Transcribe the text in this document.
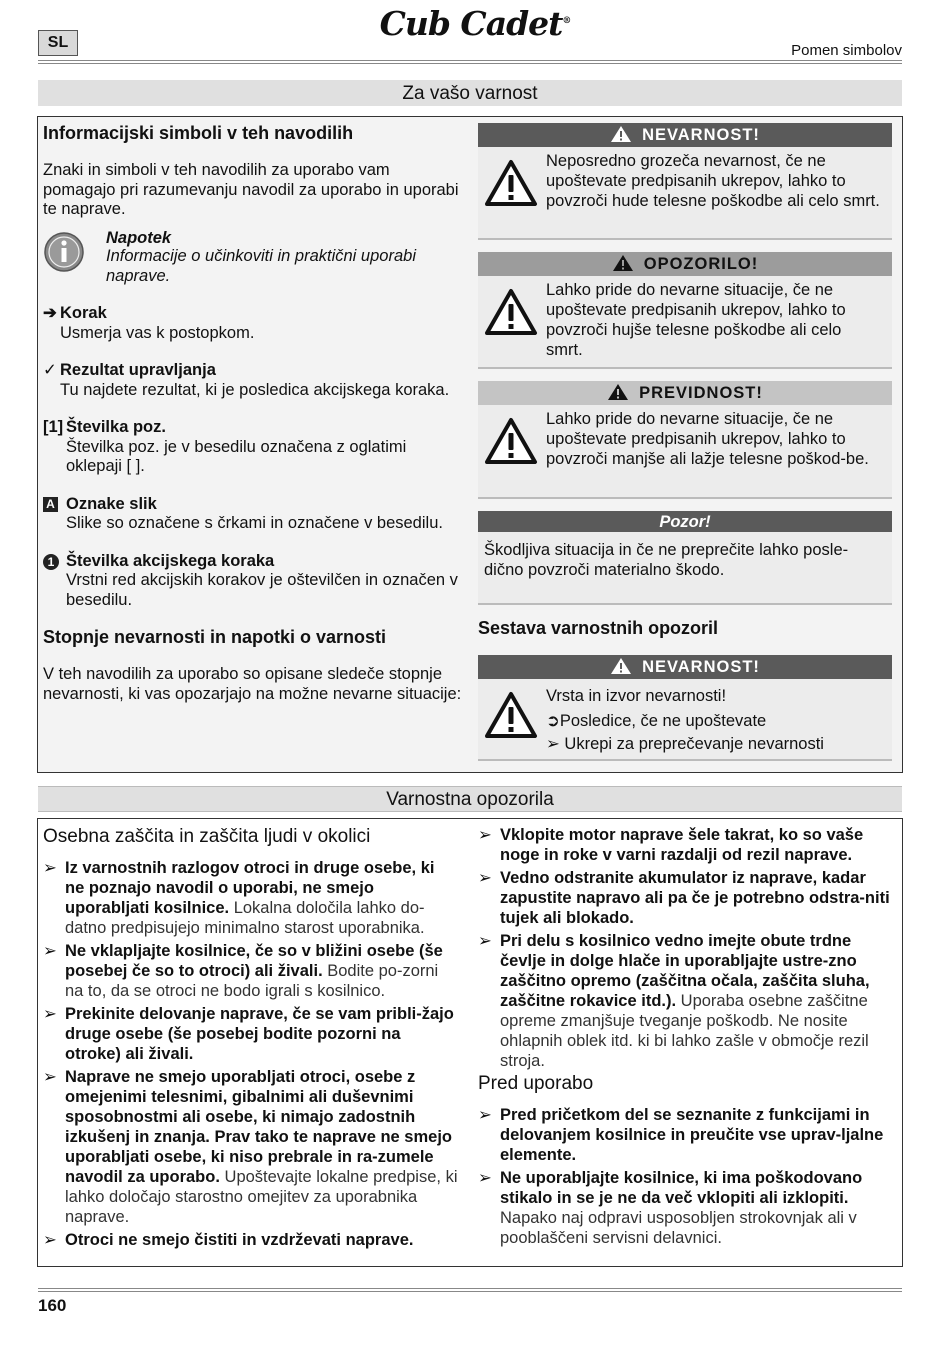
SL	Cub Cadet®
Pomen simbolov
Za vašo varnost
Informacijski simboli v teh navodilih
Znaki in simboli v teh navodilih za uporabo vam pomagajo pri razumevanju navodil za uporabo in uporabi te naprave.
Napotek
Informacije o učinkoviti in praktični uporabi naprave.
➔ Korak
Usmerja vas k postopkom.
✓ Rezultat upravljanja
Tu najdete rezultat, ki je posledica akcijskega koraka.
[1] Številka poz.
Številka poz. je v besedilu označena z oglatimi oklepaji [ ].
A Oznake slik
Slike so označene s črkami in označene v besedilu.
1 Številka akcijskega koraka
Vrstni red akcijskih korakov je oštevilčen in označen v besedilu.
Stopnje nevarnosti in napotki o varnosti
V teh navodilih za uporabo so opisane sledeče stopnje nevarnosti, ki vas opozarjajo na možne nevarne situacije:
NEVARNOST!
Neposredno grozeča nevarnost, če ne upoštevate predpisanih ukrepov, lahko to povzroči hude telesne poškodbe ali celo smrt.
OPOZORILO!
Lahko pride do nevarne situacije, če ne upoštevate predpisanih ukrepov, lahko to povzroči hujše telesne poškodbe ali celo smrt.
PREVIDNOST!
Lahko pride do nevarne situacije, če ne upoštevate predpisanih ukrepov, lahko to povzroči manjše ali lažje telesne poškod-be.
Pozor!
Škodljiva situacija in če ne preprečite lahko posle-dično povzroči materialno škodo.
Sestava varnostnih opozoril
NEVARNOST!
Vrsta in izvor nevarnosti!
➲Posledice, če ne upoštevate
➢ Ukrepi za preprečevanje nevarnosti
Varnostna opozorila
Osebna zaščita in zaščita ljudi v okolici
➢ Iz varnostnih razlogov otroci in druge osebe, ki ne poznajo navodil o uporabi, ne smejo uporabljati kosilnice. Lokalna določila lahko do-datno predpisujejo minimalno starost uporabnika.
➢ Ne vklapljajte kosilnice, če so v bližini osebe (še posebej če so to otroci) ali živali. Bodite po-zorni na to, da se otroci ne bodo igrali s kosilnico.
➢ Prekinite delovanje naprave, če se vam pribli-žajo druge osebe (še posebej bodite pozorni na otroke) ali živali.
➢ Naprave ne smejo uporabljati otroci, osebe z omejenimi telesnimi, gibalnimi ali duševnimi sposobnostmi ali osebe, ki nimajo zadostnih izkušenj in znanja. Prav tako te naprave ne smejo uporabljati osebe, ki niso prebrale in ra-zumele navodil za uporabo. Upoštevajte lokalne predpise, ki lahko določajo starostno omejitev za uporabnika naprave.
➢ Otroci ne smejo čistiti in vzdrževati naprave.
➢ Vklopite motor naprave šele takrat, ko so vaše noge in roke v varni razdalji od rezil naprave.
➢ Vedno odstranite akumulator iz naprave, kadar zapustite napravo ali pa če je potrebno odstra-niti tujek ali blokado.
➢ Pri delu s kosilnico vedno imejte obute trdne čevlje in dolge hlače in uporabljajte ustre-zno zaščitno opremo (zaščitna očala, zaščita sluha, zaščitne rokavice itd.). Uporaba osebne zaščitne opreme zmanjšuje tveganje poškodb. Ne nosite ohlapnih oblek itd. ki bi lahko zašle v območje rezil stroja.
Pred uporabo
➢ Pred pričetkom del se seznanite z funkcijami in delovanjem kosilnice in preučite vse uprav-ljalne elemente.
➢ Ne uporabljajte kosilnice, ki ima poškodovano stikalo in se je ne da več vklopiti ali izklopiti. Napako naj odpravi usposobljen strokovnjak ali v pooblaščeni servisni delavnici.
160
